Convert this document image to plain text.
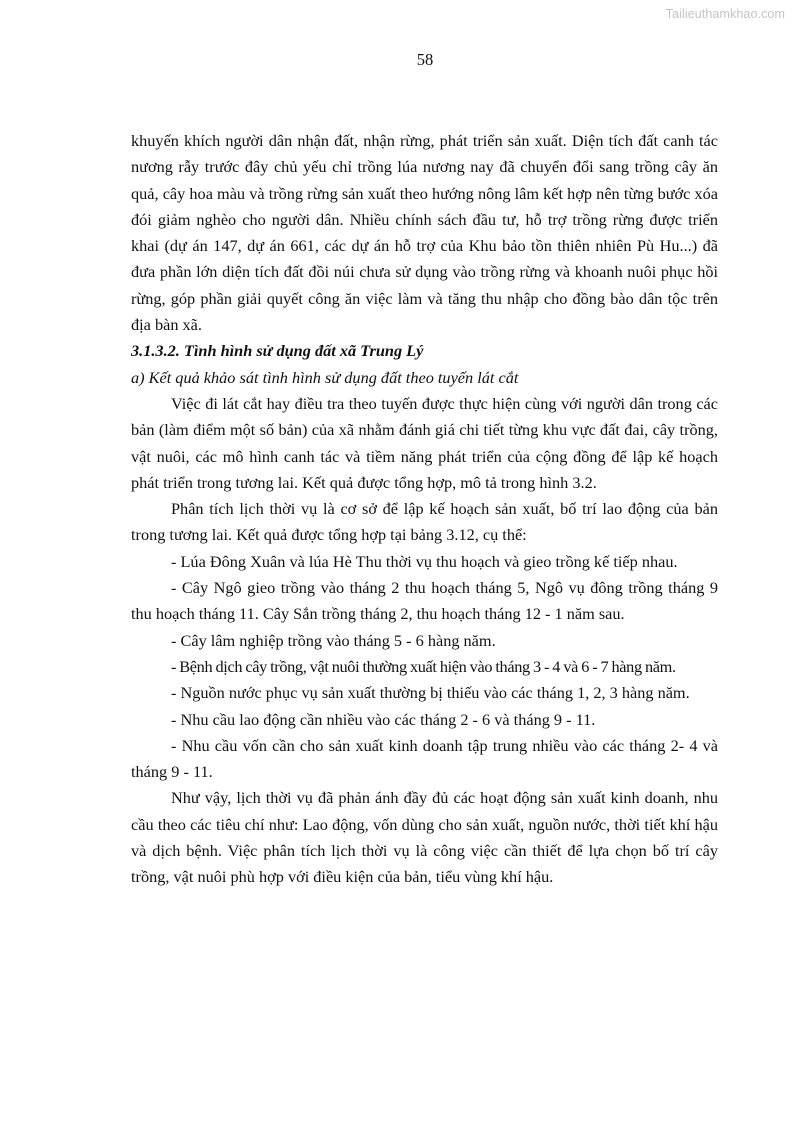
Tailieuthamkhao.com
58

khuyến khích người dân nhận đất, nhận rừng, phát triển sản xuất. Diện tích đất canh tác nương rẫy trước đây chủ yếu chỉ trồng lúa nương nay đã chuyển đổi sang trồng cây ăn quả, cây hoa màu và trồng rừng sản xuất theo hướng nông lâm kết hợp nên từng bước xóa đói giảm nghèo cho người dân. Nhiều chính sách đầu tư, hỗ trợ trồng rừng được triển khai (dự án 147, dự án 661, các dự án hỗ trợ của Khu bảo tồn thiên nhiên Pù Hu...) đã đưa phần lớn diện tích đất đồi núi chưa sử dụng vào trồng rừng và khoanh nuôi phục hồi rừng, góp phần giải quyết công ăn việc làm và tăng thu nhập cho đồng bào dân tộc trên địa bàn xã.

3.1.3.2. Tình hình sử dụng đất xã Trung Lý

a) Kết quả khảo sát tình hình sử dụng đất theo tuyến lát cắt

Việc đi lát cắt hay điều tra theo tuyến được thực hiện cùng với người dân trong các bản (làm điểm một số bản) của xã nhằm đánh giá chi tiết từng khu vực đất đai, cây trồng, vật nuôi, các mô hình canh tác và tiềm năng phát triển của cộng đồng để lập kế hoạch phát triển trong tương lai. Kết quả được tổng hợp, mô tả trong hình 3.2.

Phân tích lịch thời vụ là cơ sở để lập kế hoạch sản xuất, bố trí lao động của bản trong tương lai. Kết quả được tổng hợp tại bảng 3.12, cụ thể:

- Lúa Đông Xuân và lúa Hè Thu thời vụ thu hoạch và gieo trồng kế tiếp nhau.

- Cây Ngô gieo trồng vào tháng 2 thu hoạch tháng 5, Ngô vụ đông trồng tháng 9 thu hoạch tháng 11. Cây Sắn trồng tháng 2, thu hoạch tháng 12 - 1 năm sau.

- Cây lâm nghiệp trồng vào tháng 5 - 6 hàng năm.

- Bệnh dịch cây trồng, vật nuôi thường xuất hiện vào tháng 3 - 4 và 6 - 7 hàng năm.

- Nguồn nước phục vụ sản xuất thường bị thiếu vào các tháng 1, 2, 3 hàng năm.

- Nhu cầu lao động cần nhiều vào các tháng 2 - 6 và tháng 9 - 11.

- Nhu cầu vốn cần cho sản xuất kinh doanh tập trung nhiều vào các tháng 2- 4 và tháng 9 - 11.

Như vậy, lịch thời vụ đã phản ánh đầy đủ các hoạt động sản xuất kinh doanh, nhu cầu theo các tiêu chí như: Lao động, vốn dùng cho sản xuất, nguồn nước, thời tiết khí hậu và dịch bệnh. Việc phân tích lịch thời vụ là công việc cần thiết để lựa chọn bố trí cây trồng, vật nuôi phù hợp với điều kiện của bản, tiểu vùng khí hậu.
